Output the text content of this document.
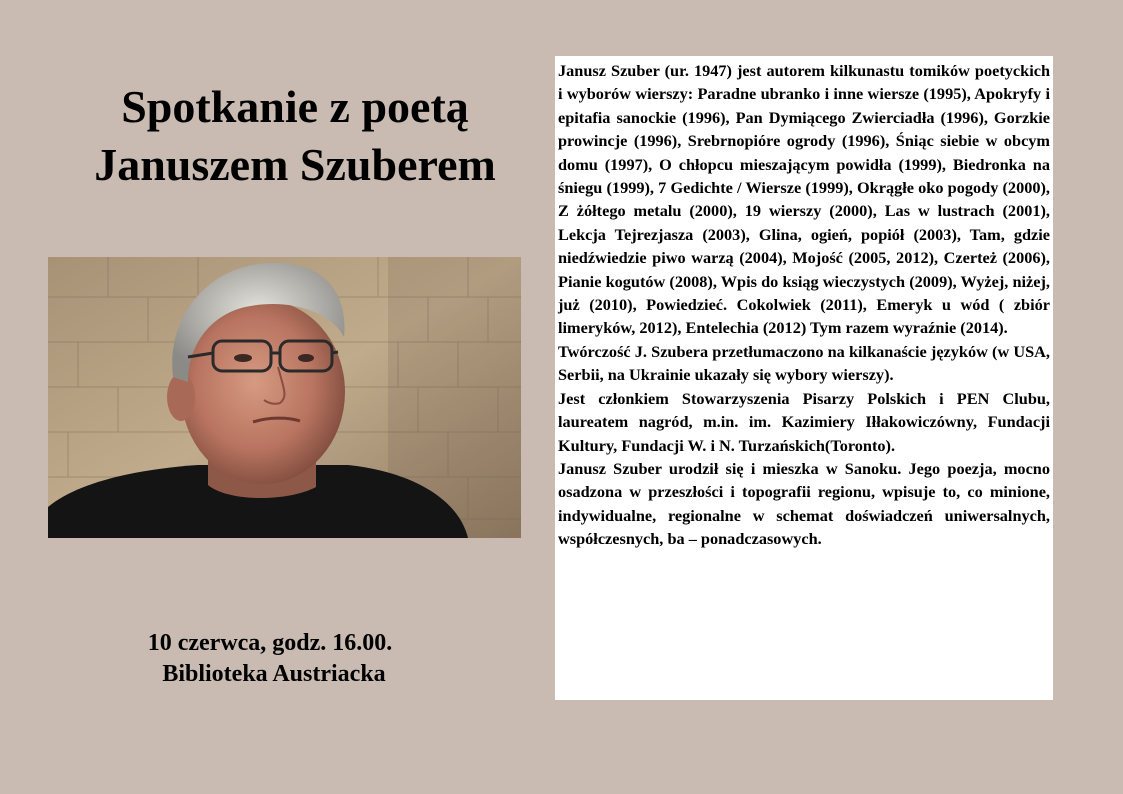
Spotkanie z poetą
Januszem Szuberem
10 czerwca, godz. 16.00.
Biblioteka Austriacka

Janusz Szuber (ur. 1947) jest autorem kilkunastu tomików poetyckich i wyborów wierszy: Paradne ubranko i inne wiersze (1995), Apokryfy i epitafia sanockie (1996), Pan Dymiącego Zwierciadła (1996), Gorzkie prowincje (1996), Srebrnopióre ogrody (1996), Śniąc siebie w obcym domu (1997), O chłopcu mieszającym powidła (1999), Biedronka na śniegu (1999), 7 Gedichte / Wiersze (1999), Okrągłe oko pogody (2000), Z żółtego metalu (2000), 19 wierszy (2000), Las w lustrach (2001), Lekcja Tejrezjasza (2003), Glina, ogień, popiół (2003), Tam, gdzie niedźwiedzie piwo warzą (2004), Mojość (2005, 2012), Czerteż (2006), Pianie kogutów (2008), Wpis do ksiąg wieczystych (2009), Wyżej, niżej, już (2010), Powiedzieć. Cokolwiek (2011), Emeryk u wód ( zbiór limeryków, 2012), Entelechia (2012) Tym razem wyraźnie (2014).

Twórczość J. Szubera przetłumaczono na kilkanaście języków (w USA, Serbii, na Ukrainie ukazały się wybory wierszy).

Jest członkiem Stowarzyszenia Pisarzy Polskich i PEN Clubu, laureatem nagród, m.in. im. Kazimiery Iłłakowiczówny, Fundacji Kultury, Fundacji W. i N. Turzańskich(Toronto).

Janusz Szuber urodził się i mieszka w Sanoku. Jego poezja, mocno osadzona w przeszłości i topografii regionu, wpisuje to, co minione, indywidualne, regionalne w schemat doświadczeń uniwersalnych, współczesnych, ba – ponadczasowych.
